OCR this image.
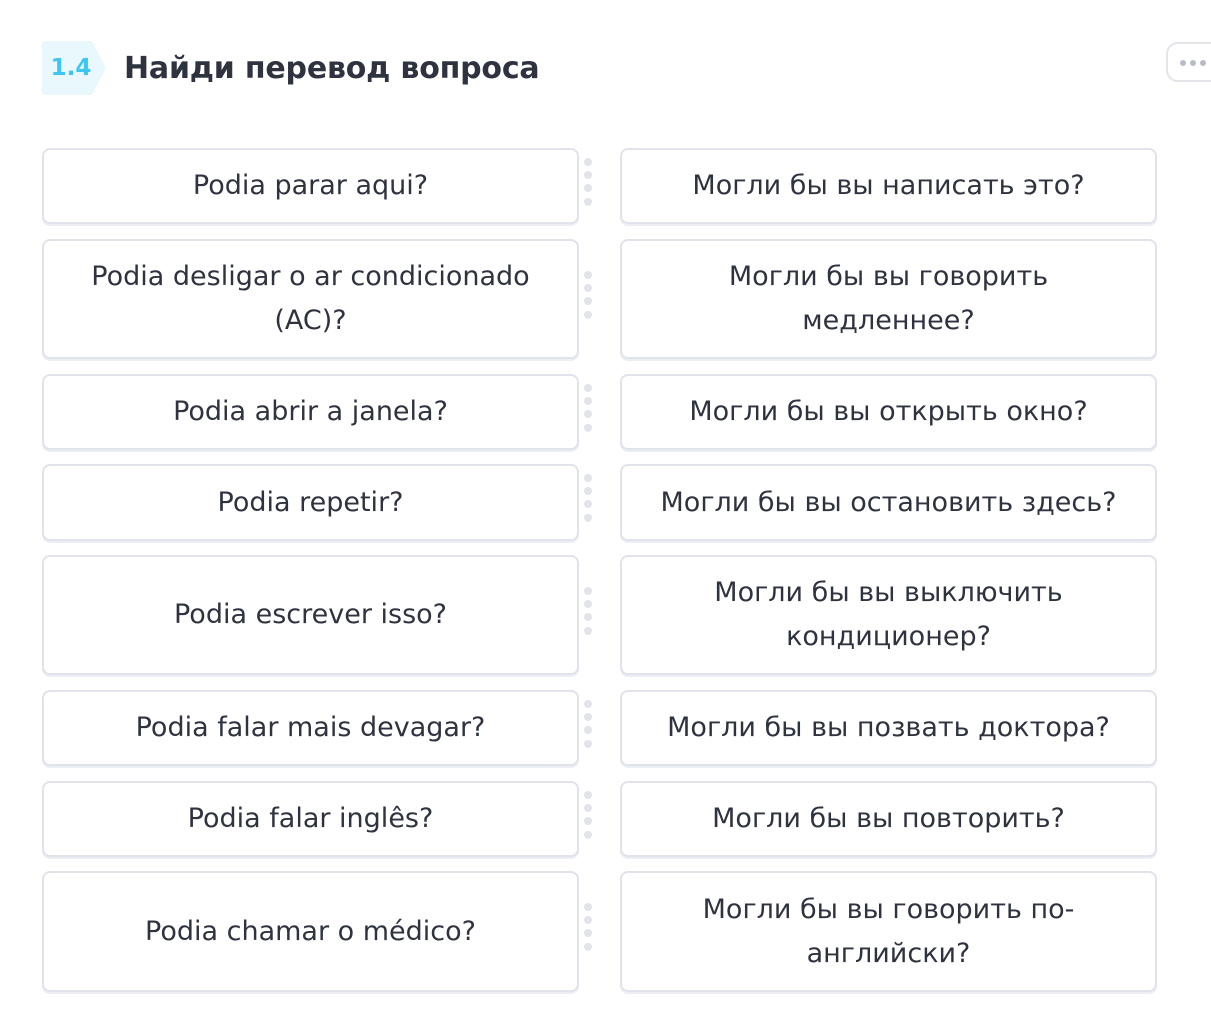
1.4 Найди перевод вопроса
Podia parar aqui?
Podia desligar o ar condicionado (AC)?
Podia abrir a janela?
Podia repetir?
Podia escrever isso?
Podia falar mais devagar?
Podia falar inglês?
Podia chamar o médico?
Могли бы вы написать это?
Могли бы вы говорить медленнее?
Могли бы вы открыть окно?
Могли бы вы остановить здесь?
Могли бы вы выключить кондиционер?
Могли бы вы позвать доктора?
Могли бы вы повторить?
Могли бы вы говорить по-английски?
